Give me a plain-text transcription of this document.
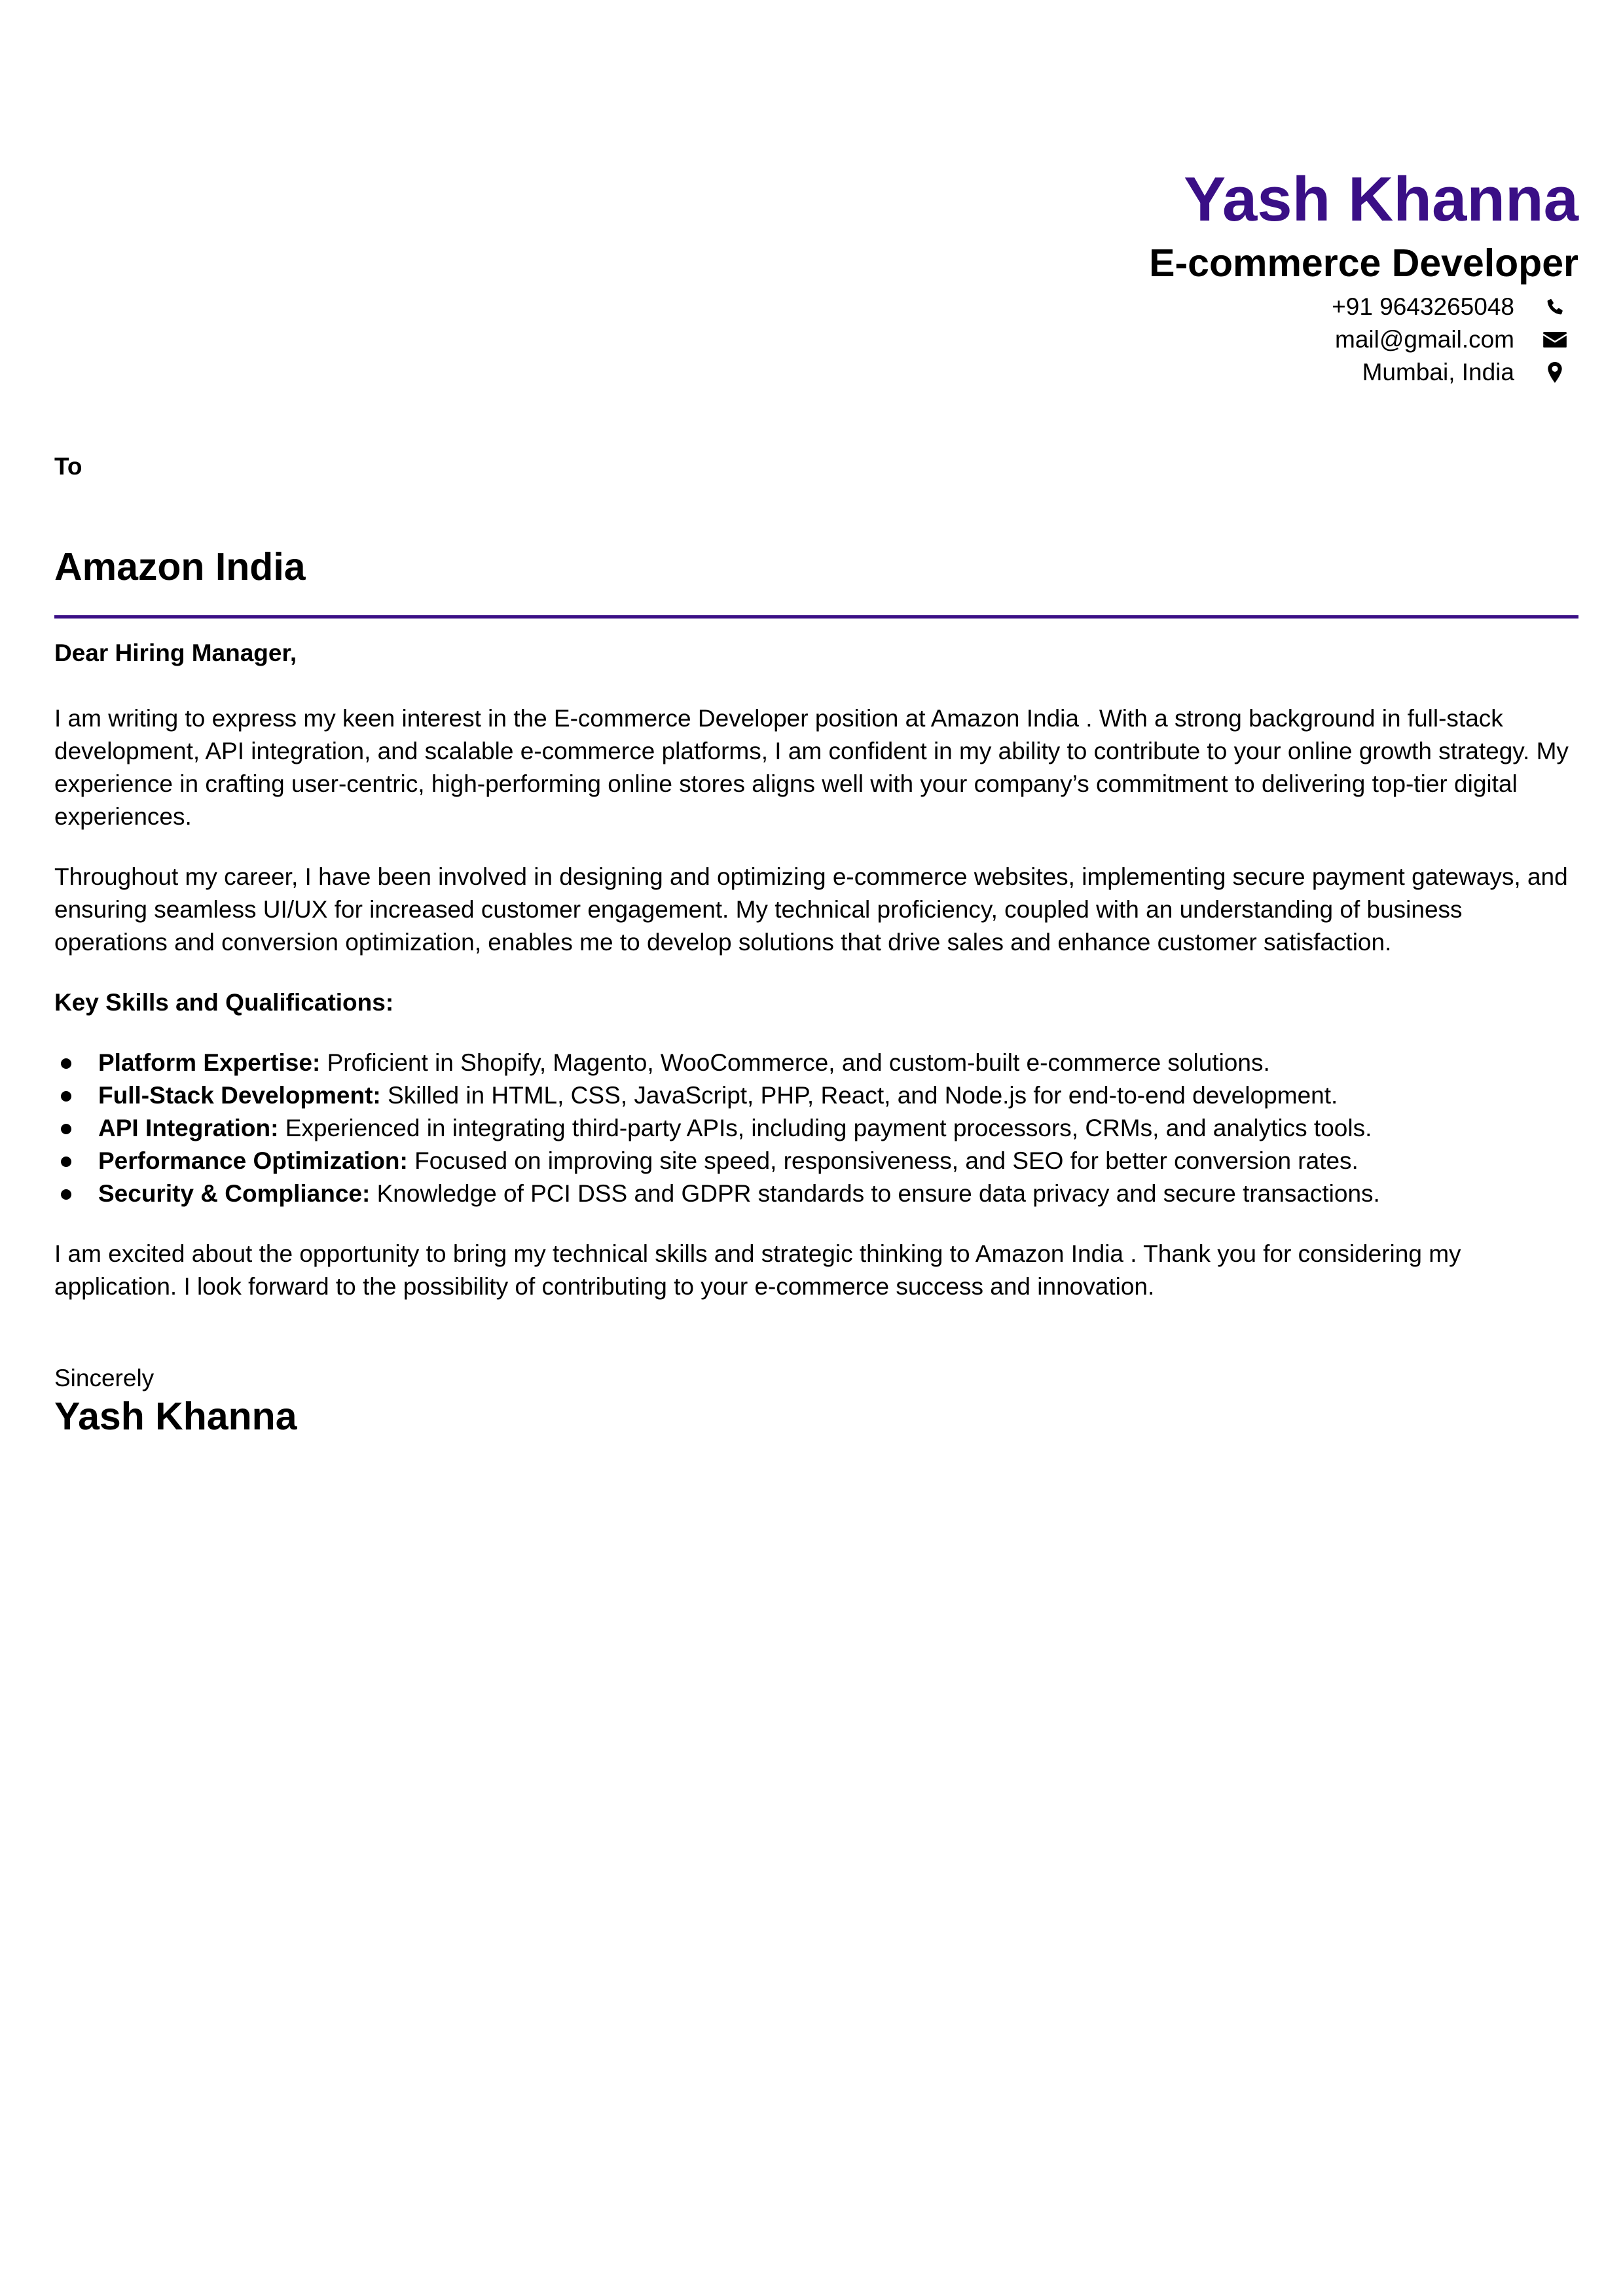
Yash Khanna
E-commerce Developer
+91 9643265048
mail@gmail.com
Mumbai, India

To

Amazon India

Dear Hiring Manager,

I am writing to express my keen interest in the E-commerce Developer position at Amazon India . With a strong background in full-stack development, API integration, and scalable e-commerce platforms, I am confident in my ability to contribute to your online growth strategy. My experience in crafting user-centric, high-performing online stores aligns well with your company’s commitment to delivering top-tier digital experiences.

Throughout my career, I have been involved in designing and optimizing e-commerce websites, implementing secure payment gateways, and ensuring seamless UI/UX for increased customer engagement. My technical proficiency, coupled with an understanding of business operations and conversion optimization, enables me to develop solutions that drive sales and enhance customer satisfaction.

Key Skills and Qualifications:

Platform Expertise: Proficient in Shopify, Magento, WooCommerce, and custom-built e-commerce solutions.
Full-Stack Development: Skilled in HTML, CSS, JavaScript, PHP, React, and Node.js for end-to-end development.
API Integration: Experienced in integrating third-party APIs, including payment processors, CRMs, and analytics tools.
Performance Optimization: Focused on improving site speed, responsiveness, and SEO for better conversion rates.
Security & Compliance: Knowledge of PCI DSS and GDPR standards to ensure data privacy and secure transactions.

I am excited about the opportunity to bring my technical skills and strategic thinking to Amazon India . Thank you for considering my application. I look forward to the possibility of contributing to your e-commerce success and innovation.

Sincerely

Yash Khanna
